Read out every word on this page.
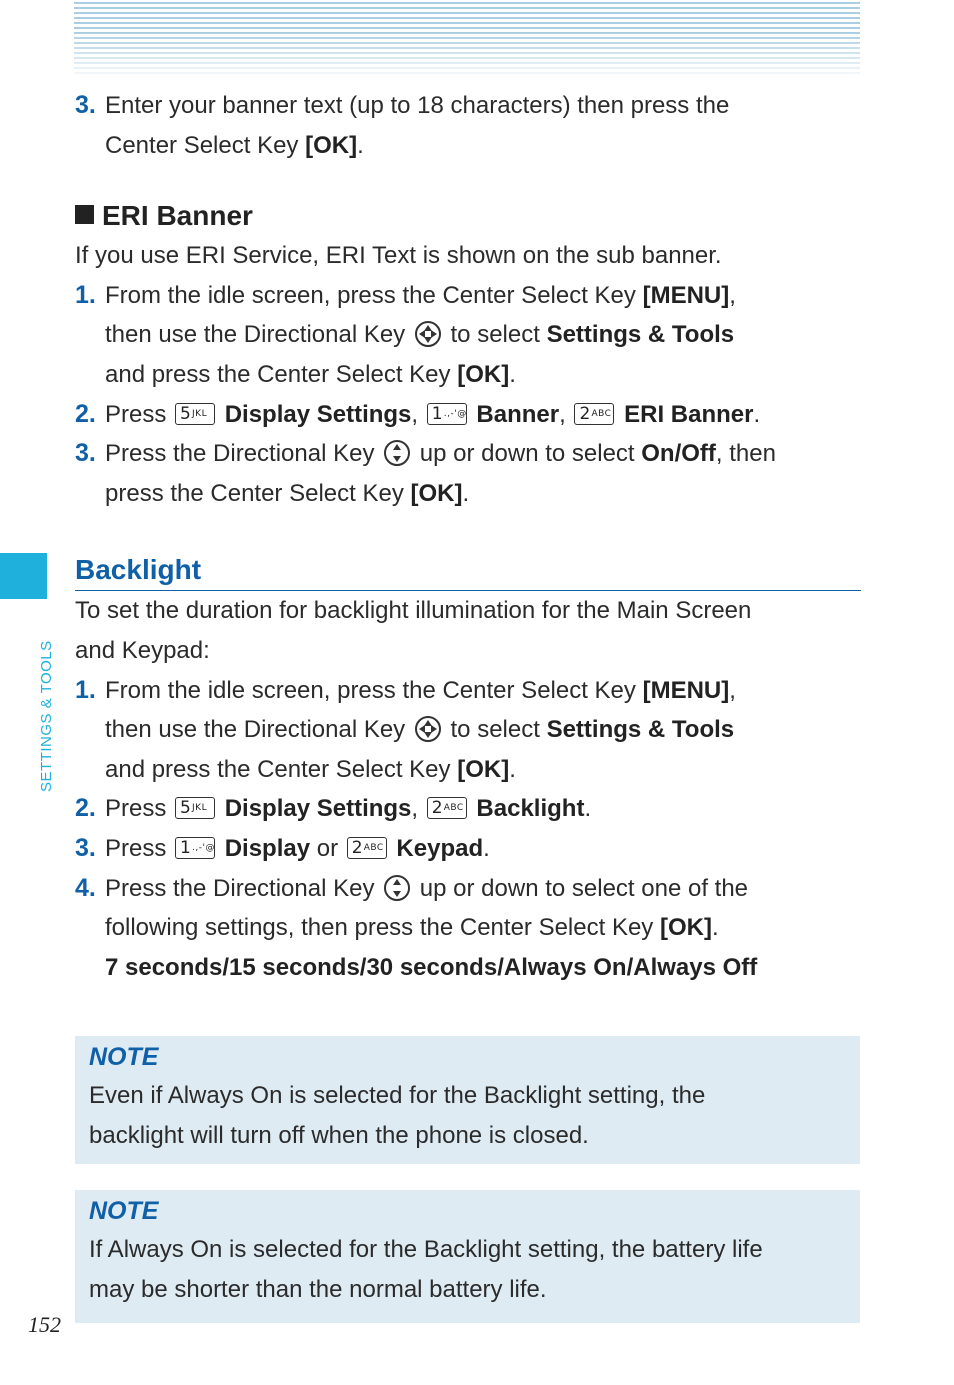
SETTINGS & TOOLS
152
3. Enter your banner text (up to 18 characters) then press the
Center Select Key [OK].
ERI Banner
If you use ERI Service, ERI Text is shown on the sub banner.
1. From the idle screen, press the Center Select Key [MENU],
then use the Directional Key
to select Settings & Tools
and press the Center Select Key [OK].
2. Press 5 JKL Display Settings, 1 .,-'@ Banner, 2 ABC ERI Banner.
3. Press the Directional Key
up or down to select On/Off, then
press the Center Select Key [OK].
Backlight
To set the duration for backlight illumination for the Main Screen
and Keypad:
1. From the idle screen, press the Center Select Key [MENU],
then use the Directional Key
to select Settings & Tools
and press the Center Select Key [OK].
2. Press 5 JKL Display Settings, 2 ABC Backlight.
3. Press 1 .,-'@ Display or 2 ABC Keypad.
4. Press the Directional Key
up or down to select one of the
following settings, then press the Center Select Key [OK].
7 seconds/15 seconds/30 seconds/Always On/Always Off
NOTE
Even if Always On is selected for the Backlight setting, the
backlight will turn off when the phone is closed.
NOTE
If Always On is selected for the Backlight setting, the battery life
may be shorter than the normal battery life.
